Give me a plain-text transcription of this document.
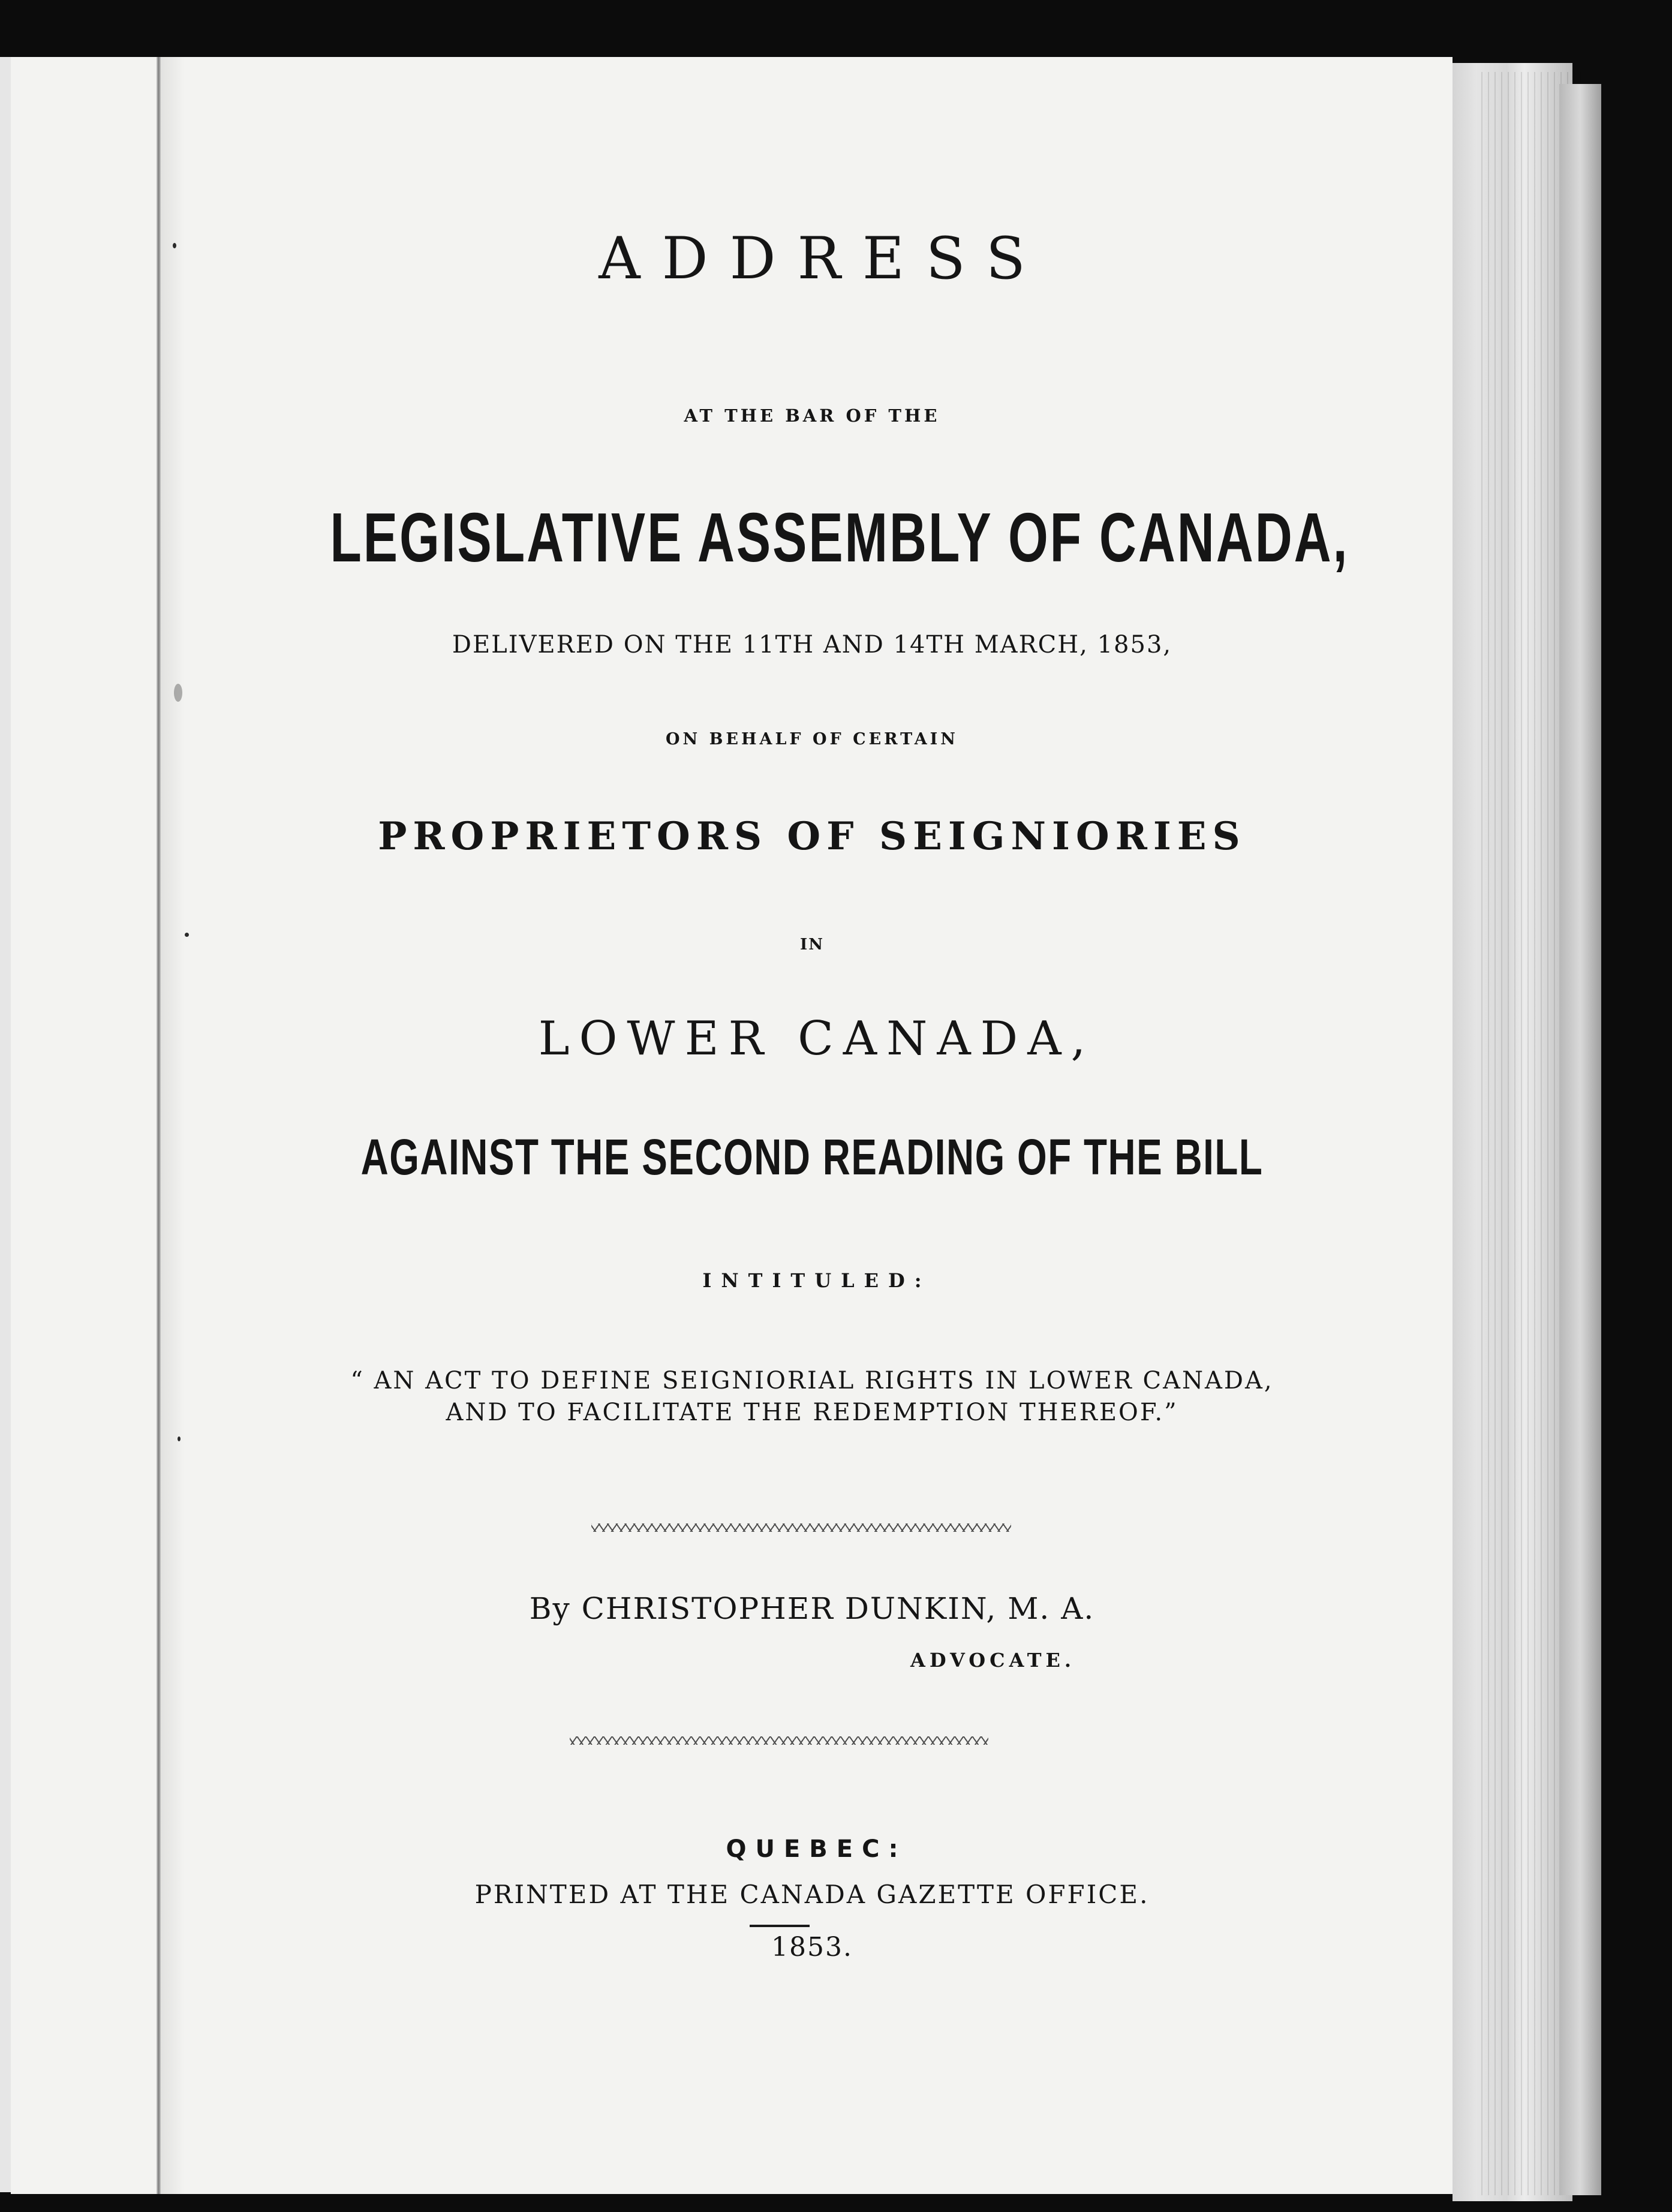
ADDRESS
AT THE BAR OF THE
LEGISLATIVE ASSEMBLY OF CANADA,
DELIVERED ON THE 11TH AND 14TH MARCH, 1853,
ON BEHALF OF CERTAIN
PROPRIETORS OF SEIGNIORIES
IN
LOWER CANADA,
AGAINST THE SECOND READING OF THE BILL
INTITULED:
“ AN ACT TO DEFINE SEIGNIORIAL RIGHTS IN LOWER CANADA,
AND TO FACILITATE THE REDEMPTION THEREOF.”
By CHRISTOPHER DUNKIN, M. A.
ADVOCATE.
QUEBEC:
PRINTED AT THE CANADA GAZETTE OFFICE.
1853.
